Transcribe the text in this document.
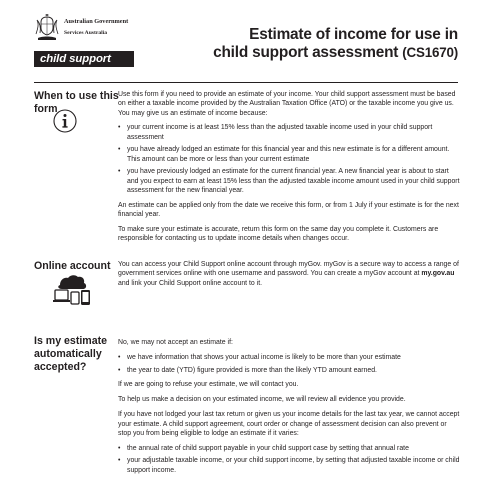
Australian Government
Services Australia
child support
Estimate of income for use in
child support assessment (CS1670)
When to use this form

Use this form if you need to provide an estimate of your income. Your child support assessment must be based on either a taxable income provided by the Australian Taxation Office (ATO) or the taxable income you give us. You may give us an estimate of income because:

• your current income is at least 15% less than the adjusted taxable income used in your child support assessment
• you have already lodged an estimate for this financial year and this new estimate is for a different amount. This amount can be more or less than your current estimate
• you have previously lodged an estimate for the current financial year. A new financial year is about to start and you expect to earn at least 15% less than the adjusted taxable income amount used in your child support assessment for the new financial year.

An estimate can be applied only from the date we receive this form, or from 1 July if your estimate is for the next financial year.

To make sure your estimate is accurate, return this form on the same day you complete it. Customers are responsible for contacting us to update income details when changes occur.

Online account	You can access your Child Support online account through myGov. myGov is a secure way to access a range of government services online with one username and password. You can create a myGov account at my.gov.au and link your Child Support online account to it.

Is my estimate automatically accepted?

No, we may not accept an estimate if:

• we have information that shows your actual income is likely to be more than your estimate
• the year to date (YTD) figure provided is more than the likely YTD amount earned.

If we are going to refuse your estimate, we will contact you.

To help us make a decision on your estimated income, we will review all evidence you provide.

If you have not lodged your last tax return or given us your income details for the last tax year, we cannot accept your estimate. A child support agreement, court order or change of assessment decision can also prevent or stop you from being eligible to lodge an estimate if it varies:

• the annual rate of child support payable in your child support case by setting that annual rate
• your adjustable taxable income, or your child support income, by setting that adjusted taxable income or child support income.
